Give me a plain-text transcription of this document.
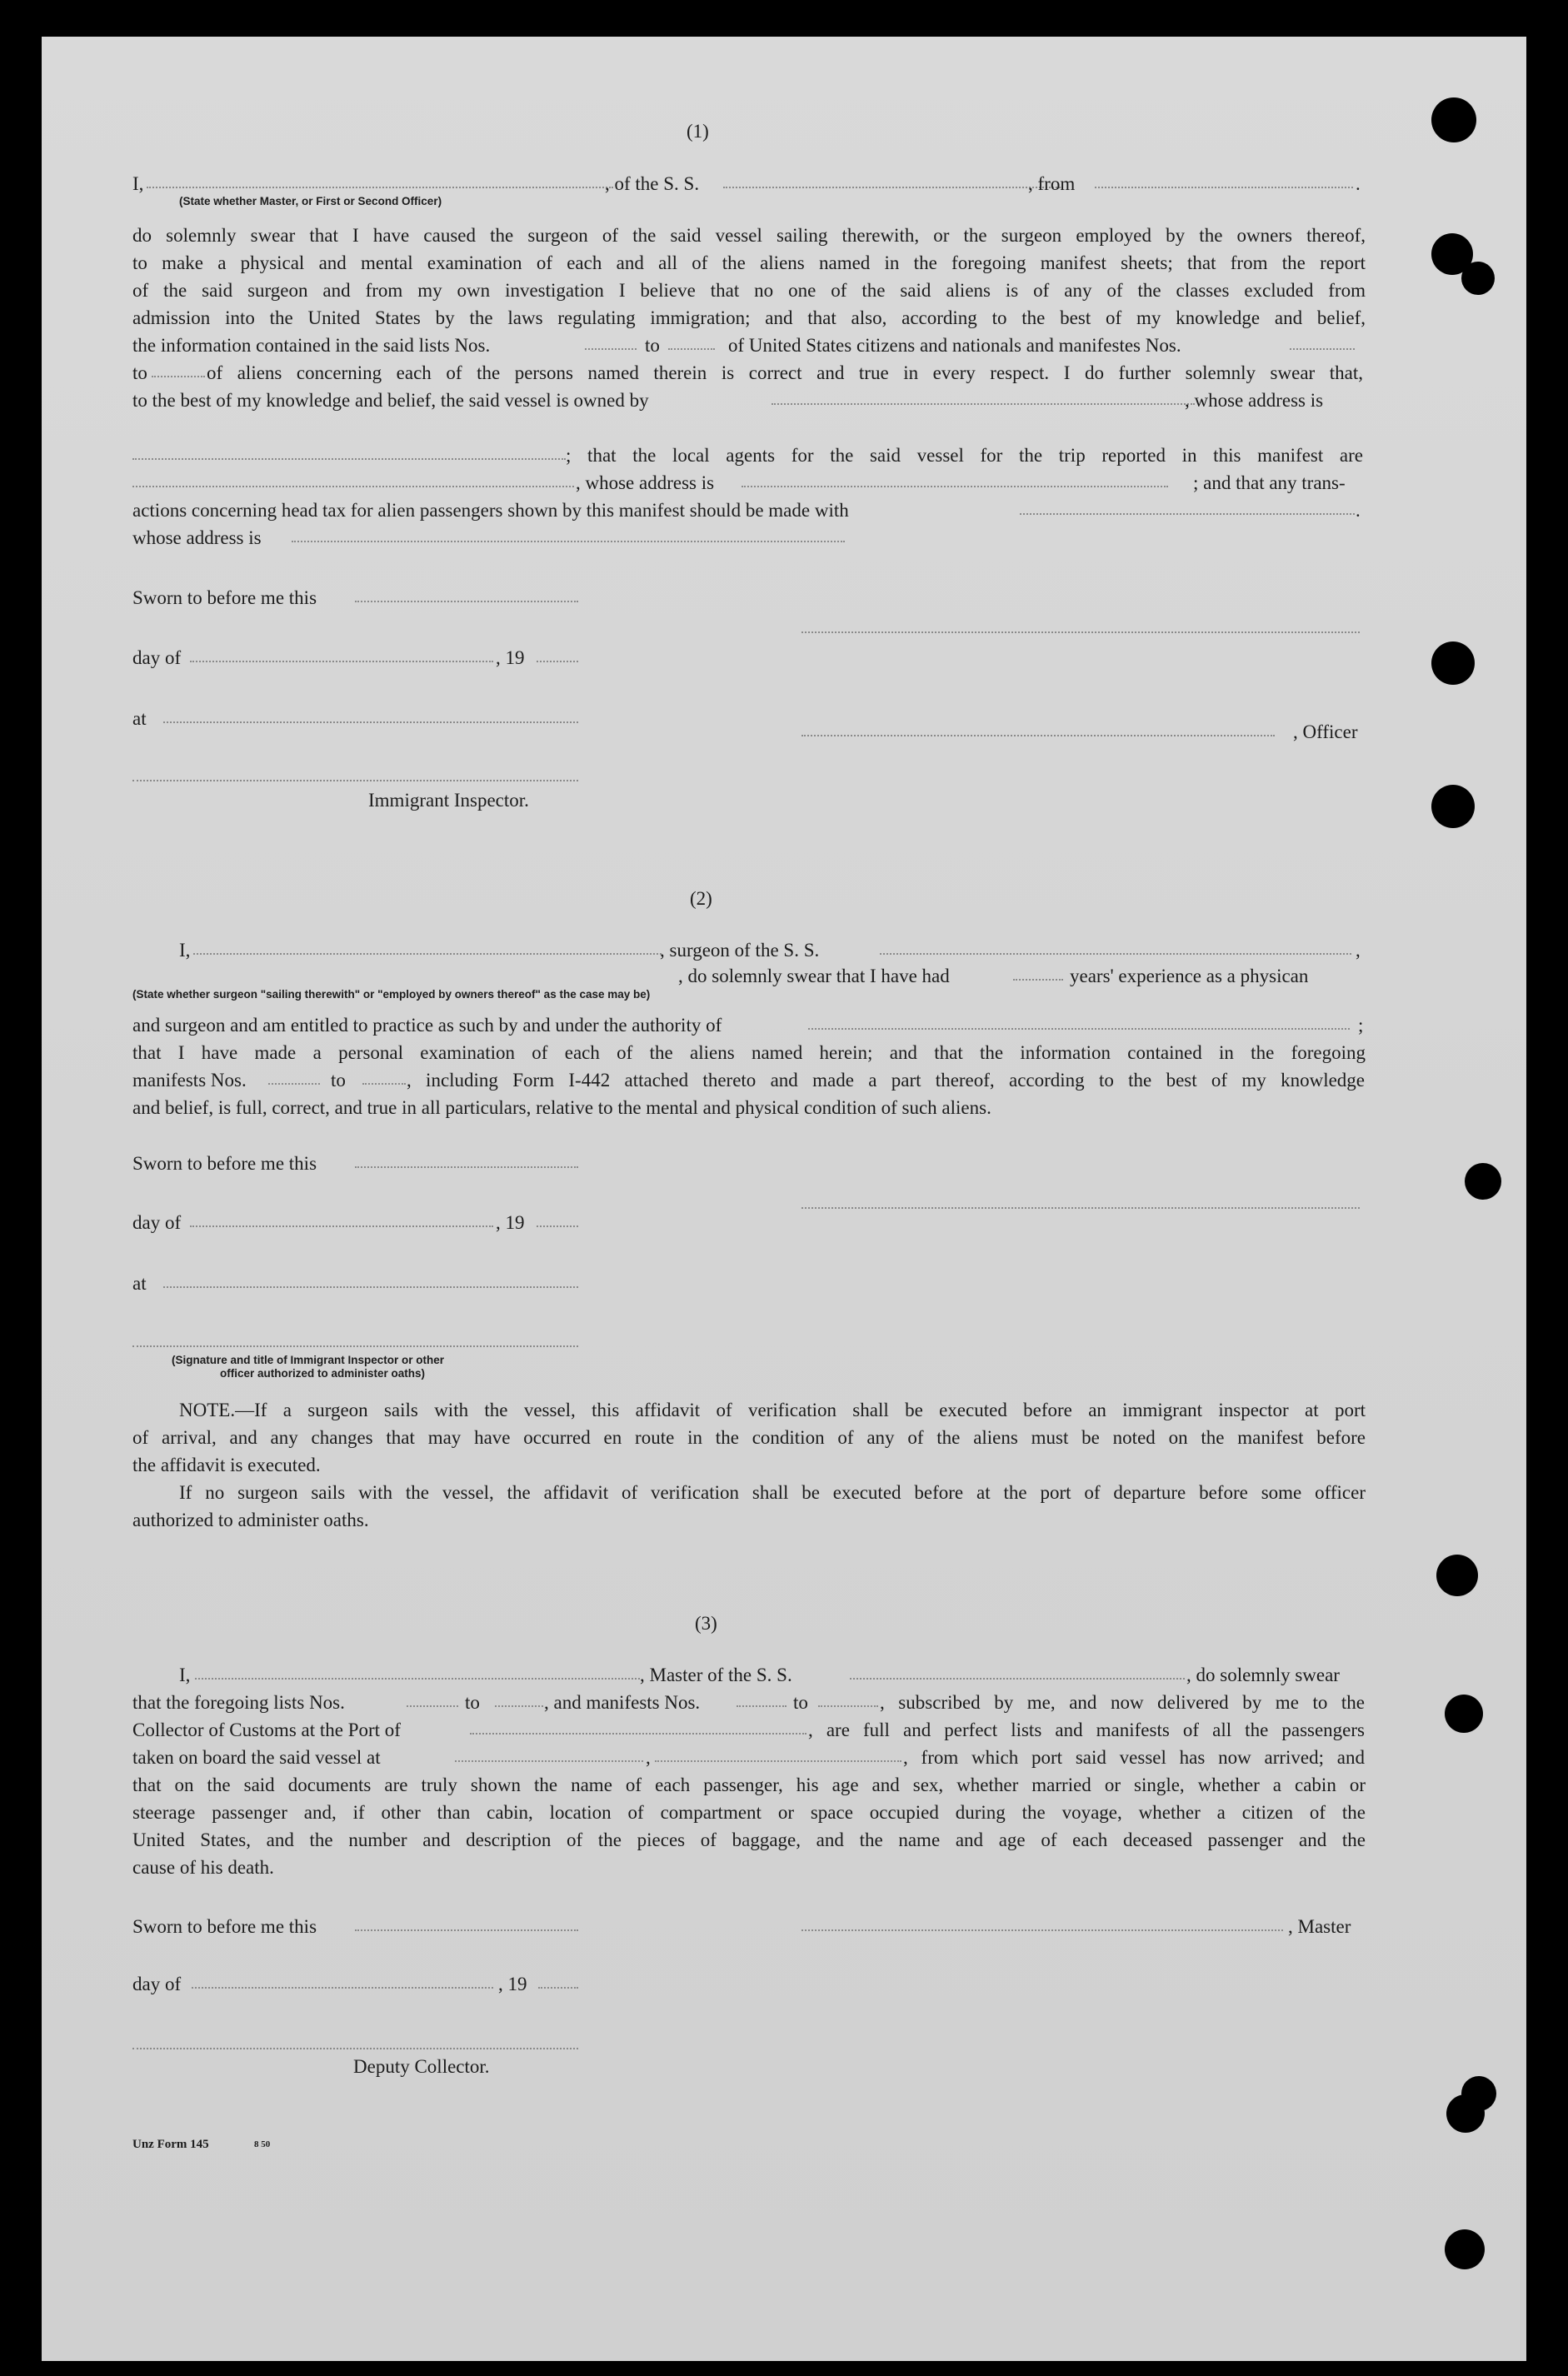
(1)
I,	, of the S. S.	, from	.
(State whether Master, or First or Second Officer)
do solemnly swear that I have caused the surgeon of the said vessel sailing therewith, or the surgeon employed by the owners thereof,
to make a physical and mental examination of each and all of the aliens named in the foregoing manifest sheets; that from the report
of the said surgeon and from my own investigation I believe that no one of the said aliens is of any of the classes excluded from
admission into the United States by the laws regulating immigration; and that also, according to the best of my knowledge and belief,
the information contained in the said lists Nos.	to	of United States citizens and nationals and manifestes Nos.
to	of aliens concerning each of the persons named therein is correct and true in every respect. I do further solemnly swear that,
to the best of my knowledge and belief, the said vessel is owned by	, whose address is
; that the local agents for the said vessel for the trip reported in this manifest are
, whose address is	; and that any trans-
actions concerning head tax for alien passengers shown by this manifest should be made with	.
whose address is
Sworn to before me this
day of	, 19
at
, Officer
Immigrant Inspector.
(2)
I,	, surgeon of the S. S.	,
, do solemnly swear that I have had	years' experience as a physican
(State whether surgeon "sailing therewith" or "employed by owners thereof" as the case may be)
and surgeon and am entitled to practice as such by and under the authority of	;
that I have made a personal examination of each of the aliens named herein; and that the information contained in the foregoing
manifests Nos.	to	, including Form I-442 attached thereto and made a part thereof, according to the best of my knowledge
and belief, is full, correct, and true in all particulars, relative to the mental and physical condition of such aliens.
Sworn to before me this
day of	, 19
at
(Signature and title of Immigrant Inspector or other
officer authorized to administer oaths)
NOTE.—If a surgeon sails with the vessel, this affidavit of verification shall be executed before an immigrant inspector at port
of arrival, and any changes that may have occurred en route in the condition of any of the aliens must be noted on the manifest before
the affidavit is executed.
If no surgeon sails with the vessel, the affidavit of verification shall be executed before at the port of departure before some officer
authorized to administer oaths.
(3)
I,	, Master of the S. S.	, do solemnly swear
that the foregoing lists Nos.	to	, and manifests Nos.	to	, subscribed by me, and now delivered by me to the
Collector of Customs at the Port of	, are full and perfect lists and manifests of all the passengers
taken on board the said vessel at	,	, from which port said vessel has now arrived; and
that on the said documents are truly shown the name of each passenger, his age and sex, whether married or single, whether a cabin or
steerage passenger and, if other than cabin, location of compartment or space occupied during the voyage, whether a citizen of the
United States, and the number and description of the pieces of baggage, and the name and age of each deceased passenger and the
cause of his death.
Sworn to before me this	, Master
day of	, 19
Deputy Collector.
Unz Form 145	8 50
